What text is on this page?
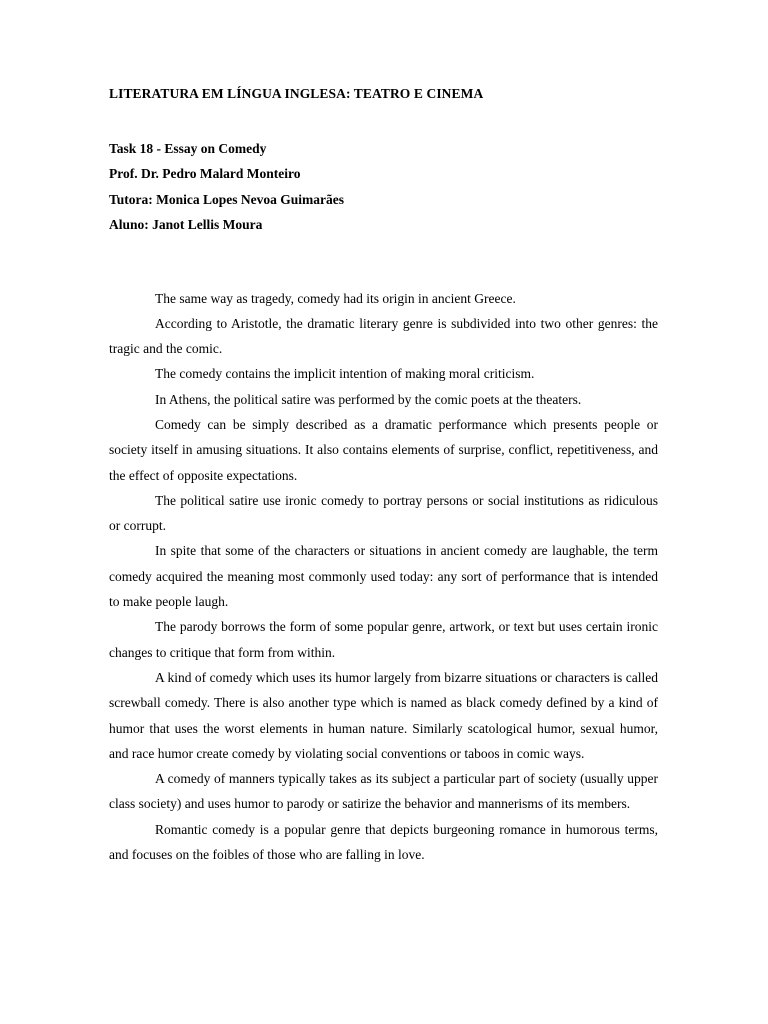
LITERATURA EM LÍNGUA INGLESA: TEATRO E CINEMA
Task 18 - Essay on Comedy
Prof. Dr. Pedro Malard Monteiro
Tutora: Monica Lopes Nevoa Guimarães
Aluno: Janot Lellis Moura

The same way as tragedy, comedy had its origin in ancient Greece.

According to Aristotle, the dramatic literary genre is subdivided into two other genres: the tragic and the comic.

The comedy contains the implicit intention of making moral criticism.

In Athens, the political satire was performed by the comic poets at the theaters.

Comedy can be simply described as a dramatic performance which presents people or society itself in amusing situations. It also contains elements of surprise, conflict, repetitiveness, and the effect of opposite expectations.

The political satire use ironic comedy to portray persons or social institutions as ridiculous or corrupt.

In spite that some of the characters or situations in ancient comedy are laughable, the term comedy acquired the meaning most commonly used today: any sort of performance that is intended to make people laugh.

The parody borrows the form of some popular genre, artwork, or text but uses certain ironic changes to critique that form from within.

A kind of comedy which uses its humor largely from bizarre situations or characters is called screwball comedy. There is also another type which is named as black comedy defined by a kind of humor that uses the worst elements in human nature. Similarly scatological humor, sexual humor, and race humor create comedy by violating social conventions or taboos in comic ways.

A comedy of manners typically takes as its subject a particular part of society (usually upper class society) and uses humor to parody or satirize the behavior and mannerisms of its members.

Romantic comedy is a popular genre that depicts burgeoning romance in humorous terms, and focuses on the foibles of those who are falling in love.
